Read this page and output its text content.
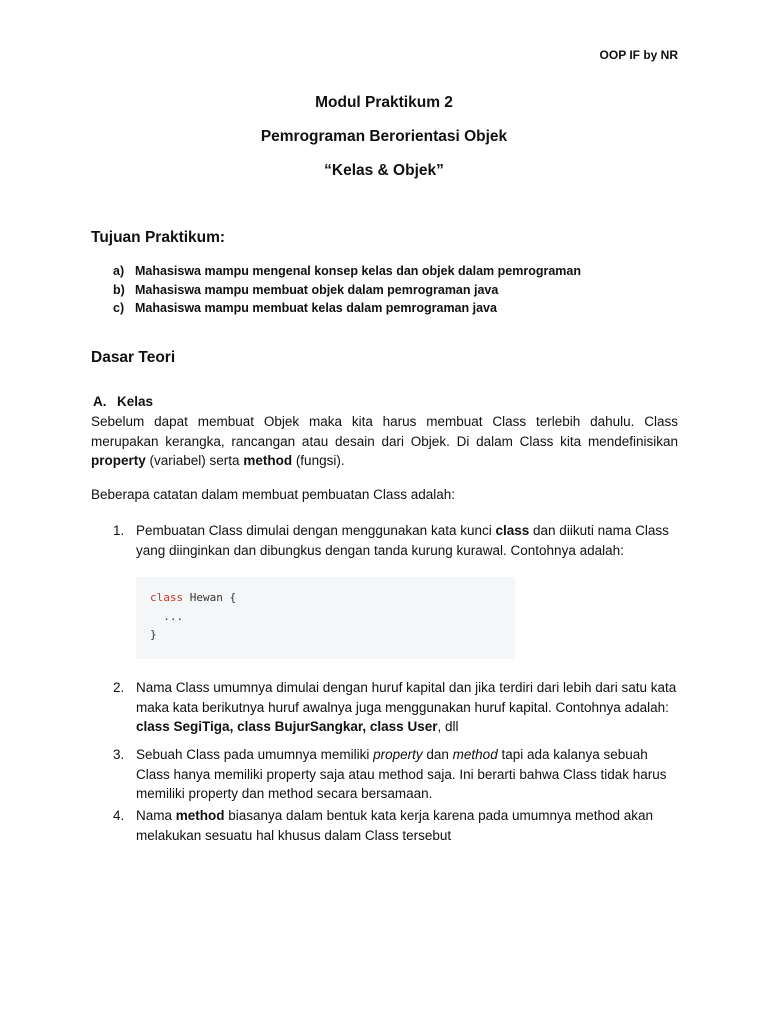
OOP IF by NR
Modul Praktikum 2
Pemrograman Berorientasi Objek
“Kelas & Objek”
Tujuan Praktikum:
a) Mahasiswa mampu mengenal konsep kelas dan objek dalam pemrograman
b) Mahasiswa mampu membuat objek dalam pemrograman java
c) Mahasiswa mampu membuat kelas dalam pemrograman java
Dasar Teori
A. Kelas
Sebelum dapat membuat Objek maka kita harus membuat Class terlebih dahulu. Class merupakan kerangka, rancangan atau desain dari Objek. Di dalam Class kita mendefinisikan property (variabel) serta method (fungsi).
Beberapa catatan dalam membuat pembuatan Class adalah:
1. Pembuatan Class dimulai dengan menggunakan kata kunci class dan diikuti nama Class yang diinginkan dan dibungkus dengan tanda kurung kurawal. Contohnya adalah:
class Hewan {
...
}
2. Nama Class umumnya dimulai dengan huruf kapital dan jika terdiri dari lebih dari satu kata maka kata berikutnya huruf awalnya juga menggunakan huruf kapital. Contohnya adalah: class SegiTiga, class BujurSangkar, class User, dll
3. Sebuah Class pada umumnya memiliki property dan method tapi ada kalanya sebuah Class hanya memiliki property saja atau method saja. Ini berarti bahwa Class tidak harus memiliki property dan method secara bersamaan.
4. Nama method biasanya dalam bentuk kata kerja karena pada umumnya method akan melakukan sesuatu hal khusus dalam Class tersebut
